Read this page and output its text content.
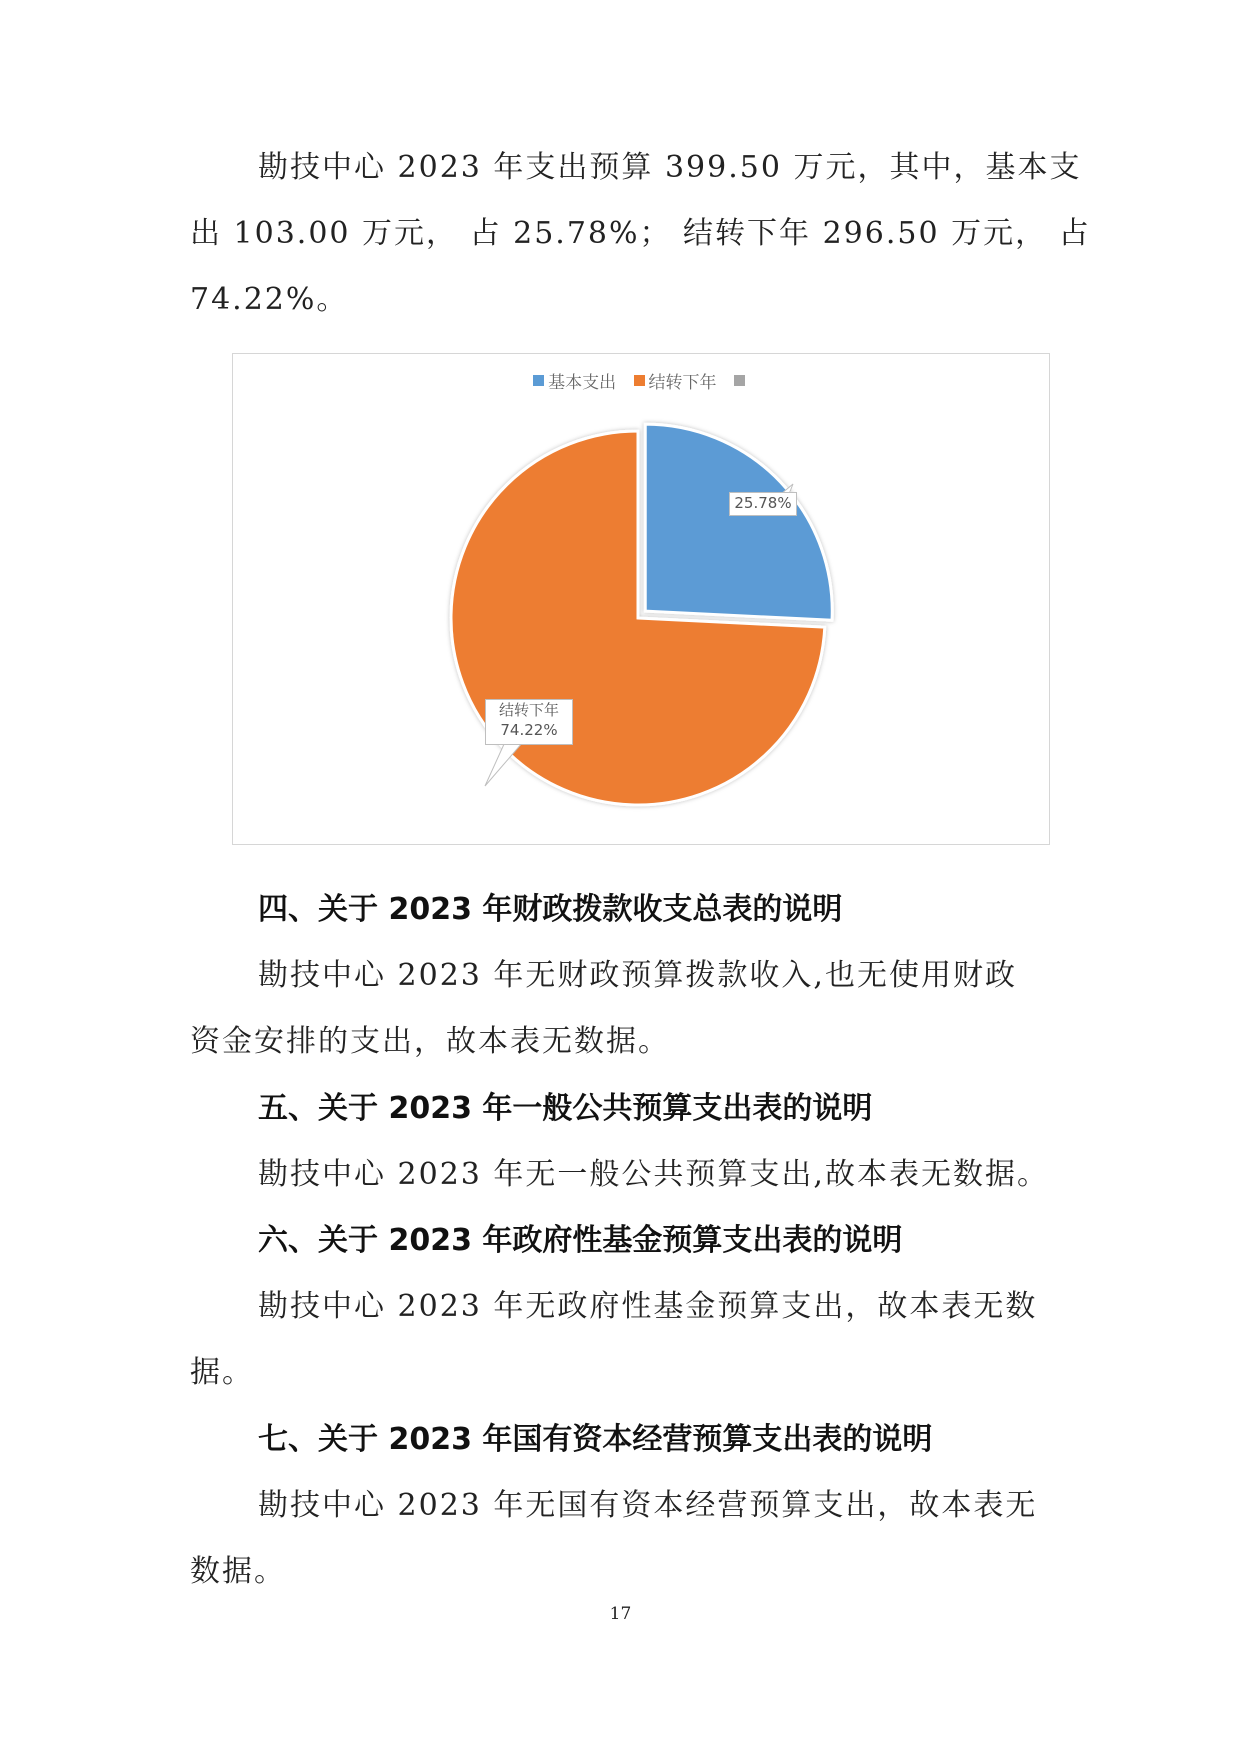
勘技中心 2023 年支出预算 399.50 万元，其中，基本支
出 103.00 万元， 占 25.78%； 结转下年 296.50 万元， 占
74.22%。
基本支出
结转下年

25.78%
结转下年
74.22%
四、关于 2023 年财政拨款收支总表的说明
勘技中心 2023 年无财政预算拨款收入,也无使用财政
资金安排的支出，故本表无数据。
五、关于 2023 年一般公共预算支出表的说明
勘技中心 2023 年无一般公共预算支出,故本表无数据。
六、关于 2023 年政府性基金预算支出表的说明
勘技中心 2023 年无政府性基金预算支出，故本表无数
据。
七、关于 2023 年国有资本经营预算支出表的说明
勘技中心 2023 年无国有资本经营预算支出，故本表无
数据。
17
